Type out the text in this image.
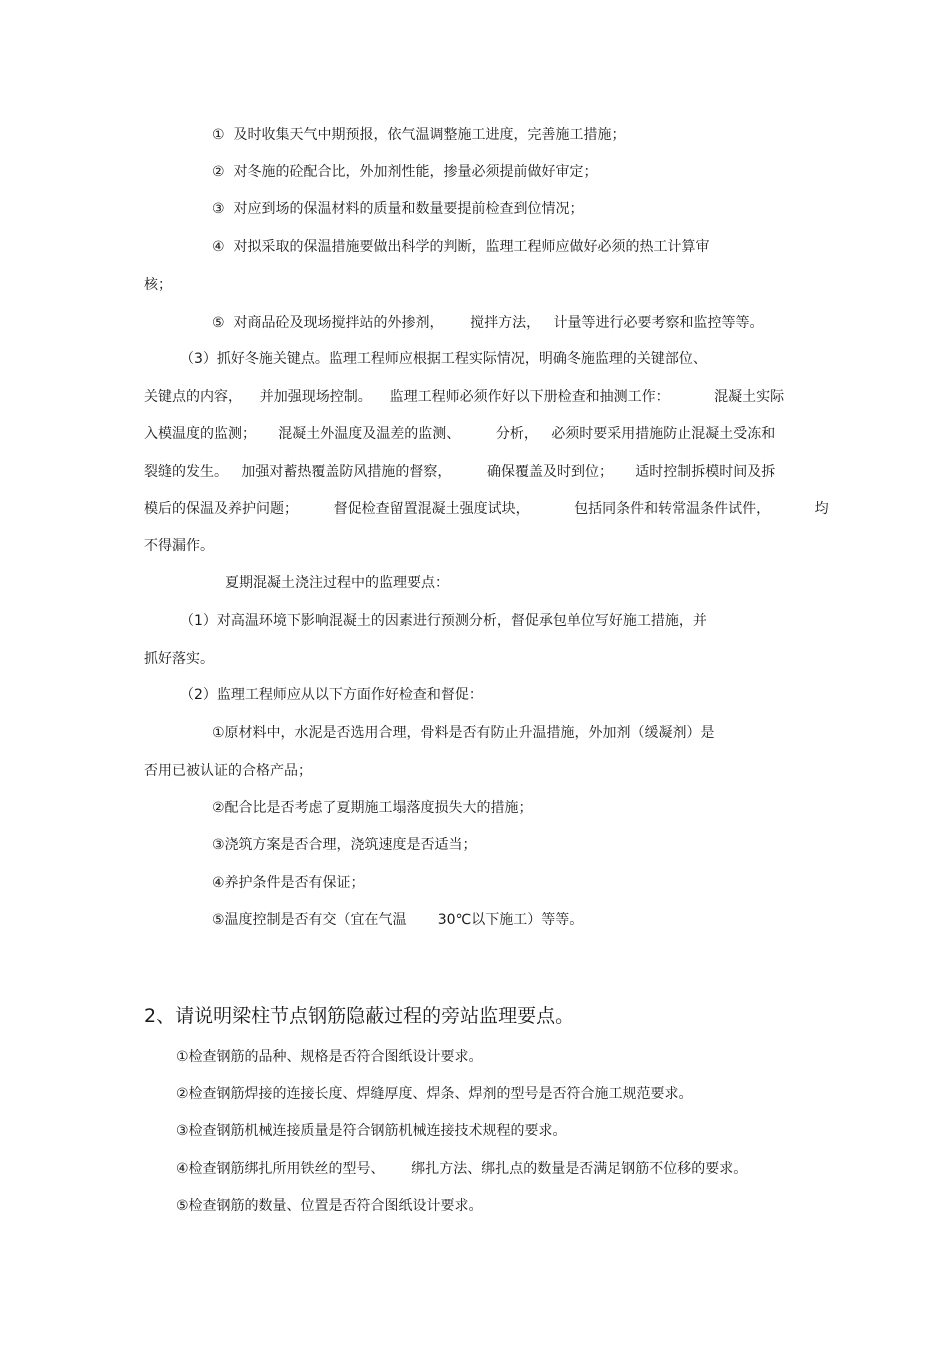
①  及时收集天气中期预报，依气温调整施工进度，完善施工措施；
②  对冬施的砼配合比，外加剂性能，掺量必须提前做好审定；
③  对应到场的保温材料的质量和数量要提前检查到位情况；
④  对拟采取的保温措施要做出科学的判断，监理工程师应做好必须的热工计算审
核；
⑤  对商品砼及现场搅拌站的外掺剂，      搅拌方法，   计量等进行必要考察和监控等等。
（3）抓好冬施关键点。监理工程师应根据工程实际情况，明确冬施监理的关键部位、
关键点的内容，    并加强现场控制。    监理工程师必须作好以下册检查和抽测工作：          混凝土实际
入模温度的监测；     混凝土外温度及温差的监测、        分析，   必须时要采用措施防止混凝土受冻和
裂缝的发生。   加强对蓄热覆盖防风措施的督察，        确保覆盖及时到位；     适时控制拆模时间及拆
模后的保温及养护问题；        督促检查留置混凝土强度试块，          包括同条件和转常温条件试件，          均
不得漏作。
夏期混凝土浇注过程中的监理要点：
（1）对高温环境下影响混凝土的因素进行预测分析，督促承包单位写好施工措施，并
抓好落实。
（2）监理工程师应从以下方面作好检查和督促：
①原材料中，水泥是否选用合理，骨料是否有防止升温措施，外加剂（缓凝剂）是
否用已被认证的合格产品；
②配合比是否考虑了夏期施工塌落度损失大的措施；
③浇筑方案是否合理，浇筑速度是否适当；
④养护条件是否有保证；
⑤温度控制是否有交（宜在气温       30℃以下施工）等等。
2、请说明梁柱节点钢筋隐蔽过程的旁站监理要点。
①检查钢筋的品种、规格是否符合图纸设计要求。
②检查钢筋焊接的连接长度、焊缝厚度、焊条、焊剂的型号是否符合施工规范要求。
③检查钢筋机械连接质量是符合钢筋机械连接技术规程的要求。
④检查钢筋绑扎所用铁丝的型号、      绑扎方法、绑扎点的数量是否满足钢筋不位移的要求。
⑤检查钢筋的数量、位置是否符合图纸设计要求。
